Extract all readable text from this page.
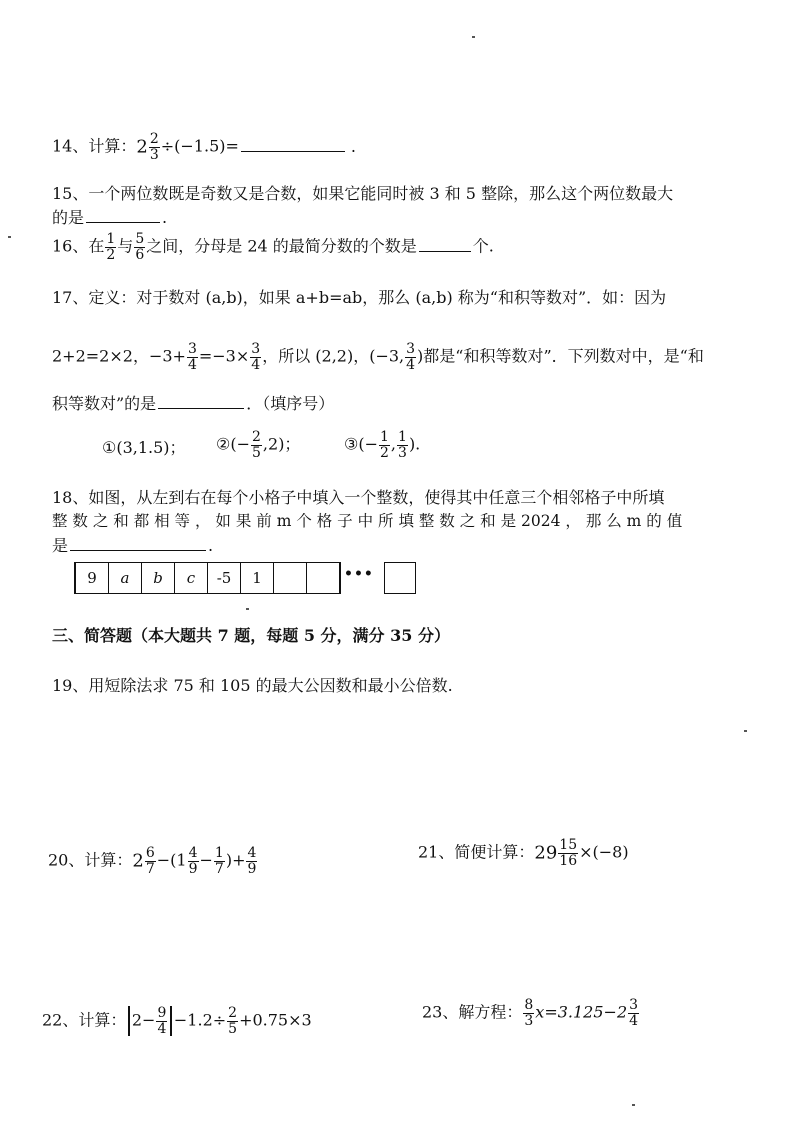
14、计算：$2 \frac{2}{3} \div(-1.5)=$	.
15、一个两位数既是奇数又是合数，如果它能同时被 3 和 5 整除，那么这个两位数最大
的是	.
16、在 $\frac{1}{2}$ 与 $\frac{5}{6}$ 之间，分母是 24 的最简分数的个数是	个.
17、定义：对于数对 (a,b)，如果 a+b=ab，那么 (a,b) 称为“和积等数对”．如：因为
2+2=2×2，$-3+ \frac{3}{4} =-3\times \frac{3}{4}$ ，所以 (2,2)，(−3, $\frac{3}{4}$ )都是“和积等数对”．下列数对中，是“和
积等数对”的是	．（填序号）
①(3,1.5)； ②(− $\frac{2}{5} ,2$)；	③(− $\frac{1}{2}$ , $\frac{1}{3}$ ).
18、如图，从左到右在每个小格子中填入一个整数，使得其中任意三个相邻格子中所填
整 数 之 和 都 相 等 ， 如 果 前 m 个 格 子 中 所 填 整 数 之 和 是 2024 ， 那 么 m 的 值
是	.
9	a	b	c	-5	1	•••
三、简答题（本大题共 7 题，每题 5 分，满分 35 分）
19、用短除法求 75 和 105 的最大公因数和最小公倍数.
20、计算：$2 \frac{6}{7} -(1 \frac{4}{9} - \frac{1}{7}$ )+ $\frac{4}{9}$	21、简便计算：$29 \frac{15}{16} \times(-8)$
22、计算： $2- \frac{9}{4} -1.2\div \frac{2}{5} +0.75\times 3$	23、解方程： $\frac{8}{3} x=3.125-2 \frac{3}{4}$
